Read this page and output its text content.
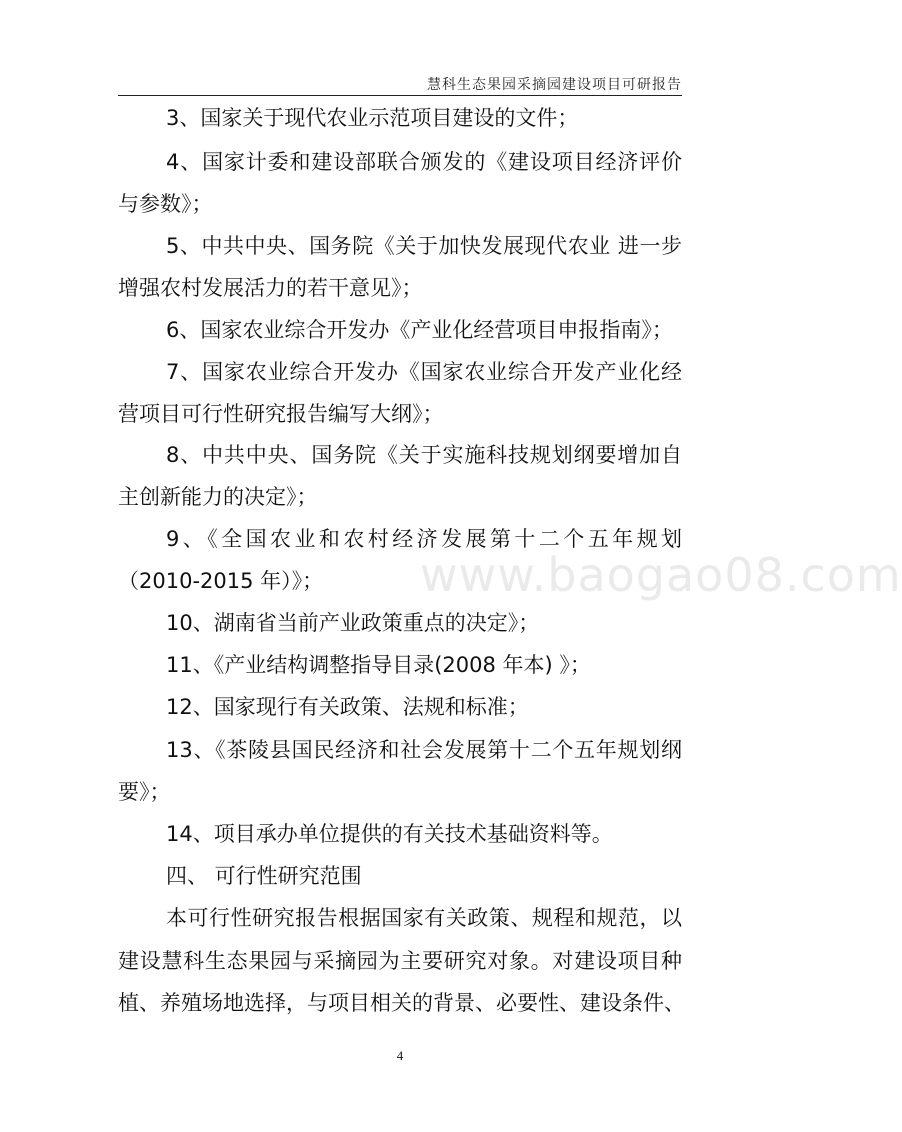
慧科生态果园采摘园建设项目可研报告
www.baogao08.com
3、国家关于现代农业示范项目建设的文件；
4、国家计委和建设部联合颁发的《建设项目经济评价
与参数》；
5、中共中央、国务院《关于加快发展现代农业 进一步
增强农村发展活力的若干意见》；
6、国家农业综合开发办《产业化经营项目申报指南》；
7、国家农业综合开发办《国家农业综合开发产业化经
营项目可行性研究报告编写大纲》；
8、中共中央、国务院《关于实施科技规划纲要增加自
主创新能力的决定》；
9、《全国农业和农村经济发展第十二个五年规划
（2010-2015 年）》；
10、湖南省当前产业政策重点的决定》；
11、《产业结构调整指导目录(2008 年本) 》；
12、国家现行有关政策、法规和标准；
13、《茶陵县国民经济和社会发展第十二个五年规划纲
要》；
14、项目承办单位提供的有关技术基础资料等。
四、 可行性研究范围
本可行性研究报告根据国家有关政策、规程和规范，以
建设慧科生态果园与采摘园为主要研究对象。对建设项目种
植、养殖场地选择，与项目相关的背景、必要性、建设条件、
4
